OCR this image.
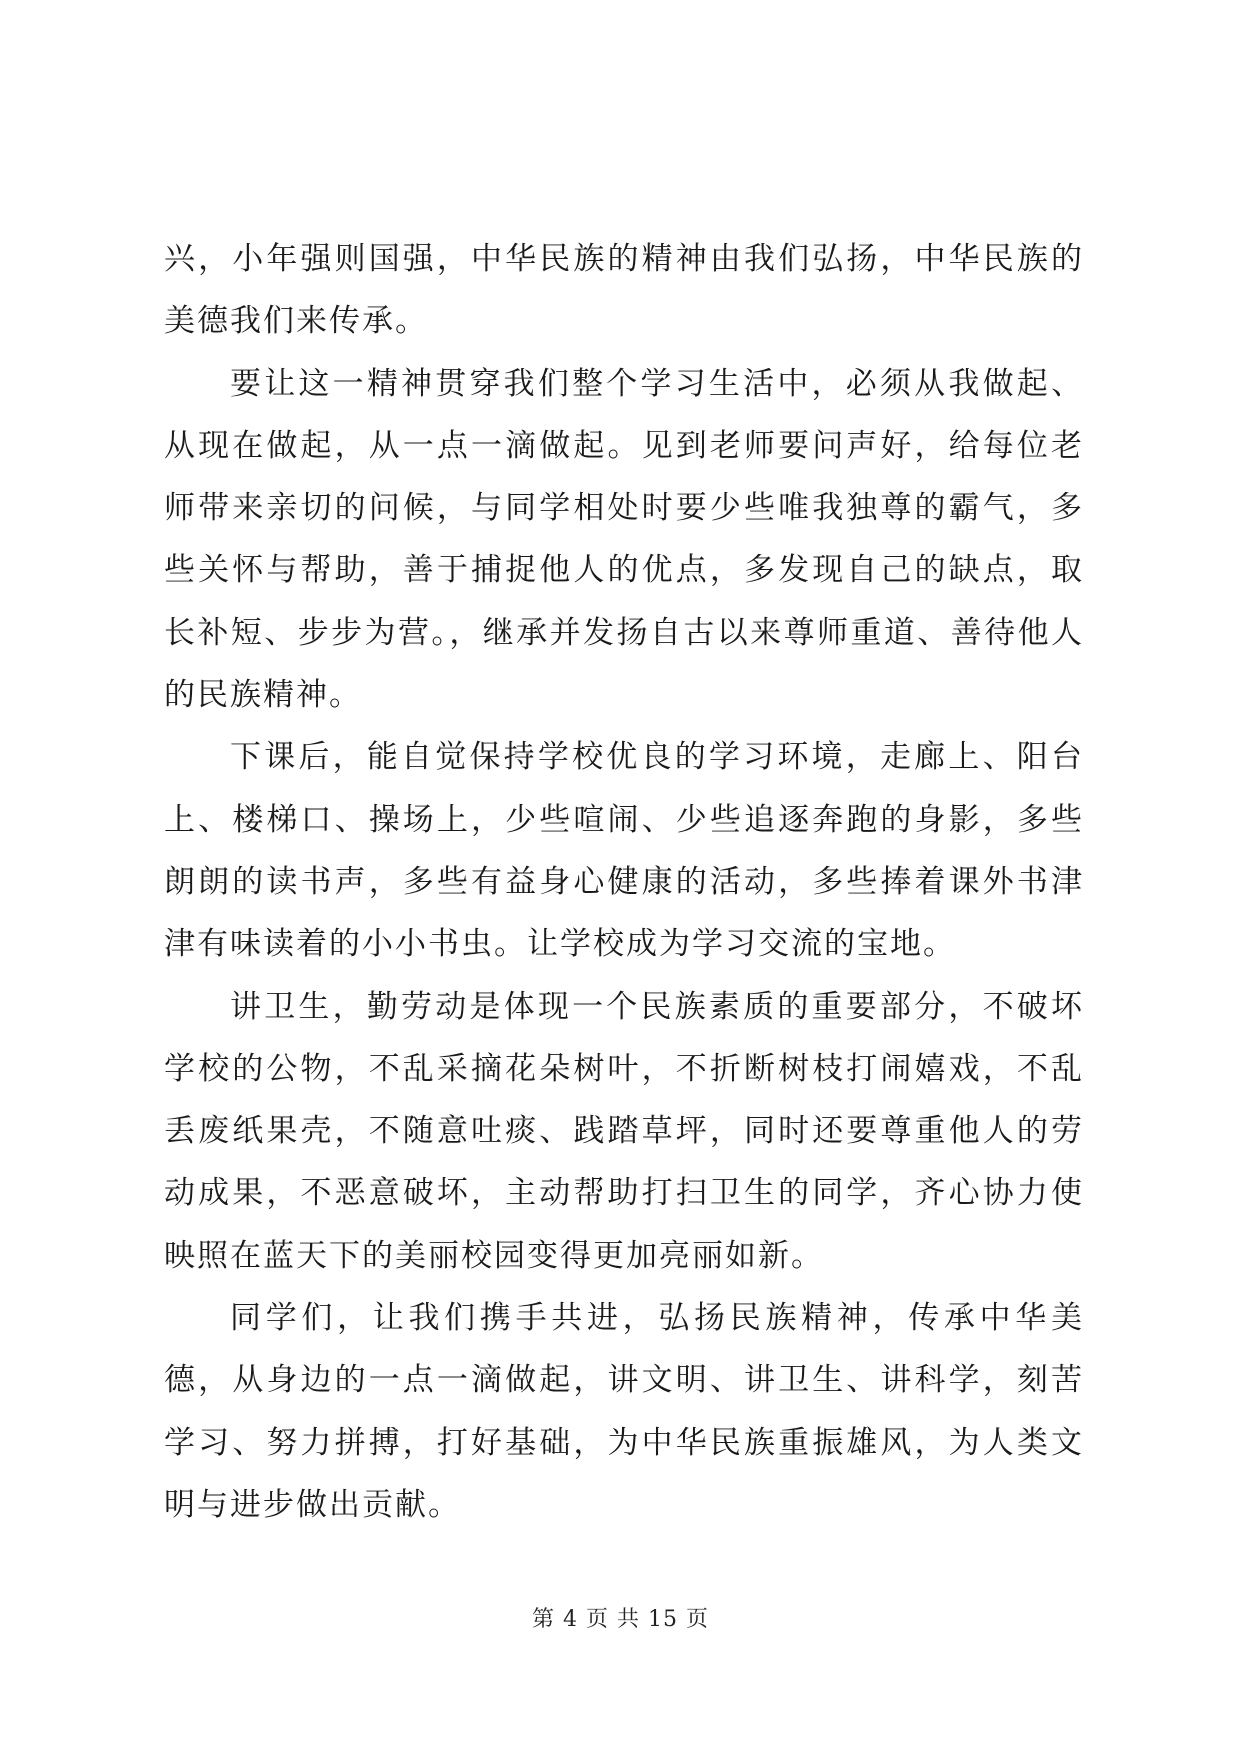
兴，小年强则国强，中华民族的精神由我们弘扬，中华民族的美德我们来传承。

要让这一精神贯穿我们整个学习生活中，必须从我做起、从现在做起，从一点一滴做起。见到老师要问声好，给每位老师带来亲切的问候，与同学相处时要少些唯我独尊的霸气，多些关怀与帮助，善于捕捉他人的优点，多发现自己的缺点，取长补短、步步为营。，继承并发扬自古以来尊师重道、善待他人的民族精神。

下课后，能自觉保持学校优良的学习环境，走廊上、阳台上、楼梯口、操场上，少些喧闹、少些追逐奔跑的身影，多些朗朗的读书声，多些有益身心健康的活动，多些捧着课外书津津有味读着的小小书虫。让学校成为学习交流的宝地。

讲卫生，勤劳动是体现一个民族素质的重要部分，不破坏学校的公物，不乱采摘花朵树叶，不折断树枝打闹嬉戏，不乱丢废纸果壳，不随意吐痰、践踏草坪，同时还要尊重他人的劳动成果，不恶意破坏，主动帮助打扫卫生的同学，齐心协力使映照在蓝天下的美丽校园变得更加亮丽如新。

同学们，让我们携手共进，弘扬民族精神，传承中华美德，从身边的一点一滴做起，讲文明、讲卫生、讲科学，刻苦学习、努力拼搏，打好基础，为中华民族重振雄风，为人类文明与进步做出贡献。

第 4 页 共 15 页
